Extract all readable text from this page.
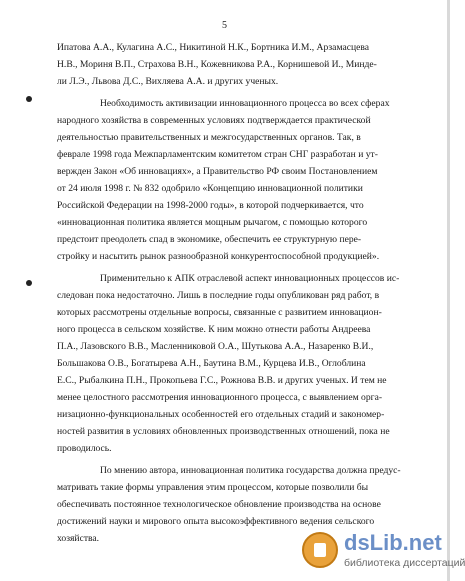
5
Ипатова А.А., Кулагина А.С., Никитиной Н.К., Бортника И.М., Арзамасцева
Н.В., Мориня В.П., Страхова В.Н., Кожевникова Р.А., Корнишевой И., Минде-
ли Л.Э., Львова Д.С., Вихляева А.А. и других ученых.
Необходимость активизации инновационного процесса во всех сферах
народного хозяйства в современных условиях подтверждается практической
деятельностью правительственных и межгосударственных органов. Так, в
феврале 1998 года Межпарламентским комитетом стран СНГ разработан и ут-
вержден Закон «Об инновациях», а Правительство РФ своим Постановлением
от 24 июля 1998 г. № 832 одобрило «Концепцию инновационной политики
Российской Федерации на 1998-2000 годы», в которой подчеркивается, что
«инновационная политика является мощным рычагом, с помощью которого
предстоит преодолеть спад в экономике, обеспечить ее структурную пере-
стройку и насытить рынок разнообразной конкурентоспособной продукцией».
Применительно к АПК отраслевой аспект инновационных процессов ис-
следован пока недостаточно. Лишь в последние годы опубликован ряд работ, в
которых рассмотрены отдельные вопросы, связанные с развитием инновацион-
ного процесса в сельском хозяйстве. К ним можно отнести работы Андреева
П.А., Лазовского В.В., Масленниковой О.А., Шутькова А.А., Назаренко В.И.,
Большакова О.В., Богатырева А.Н., Баутина В.М., Курцева И.В., Оглоблина
Е.С., Рыбалкина П.Н., Прокопьева Г.С., Рожнова В.В. и других ученых. И тем не
менее целостного рассмотрения инновационного процесса, с выявлением орга-
низационно-функциональных особенностей его отдельных стадий и закономер-
ностей развития в условиях обновленных производственных отношений, пока не
проводилось.
По мнению автора, инновационная политика государства должна предус-
матривать такие формы управления этим процессом, которые позволили бы
обеспечивать постоянное технологическое обновление производства на основе
достижений науки и мирового опыта высокоэффективного ведения сельского
хозяйства.	dsLib.net
библиотека диссертаций
